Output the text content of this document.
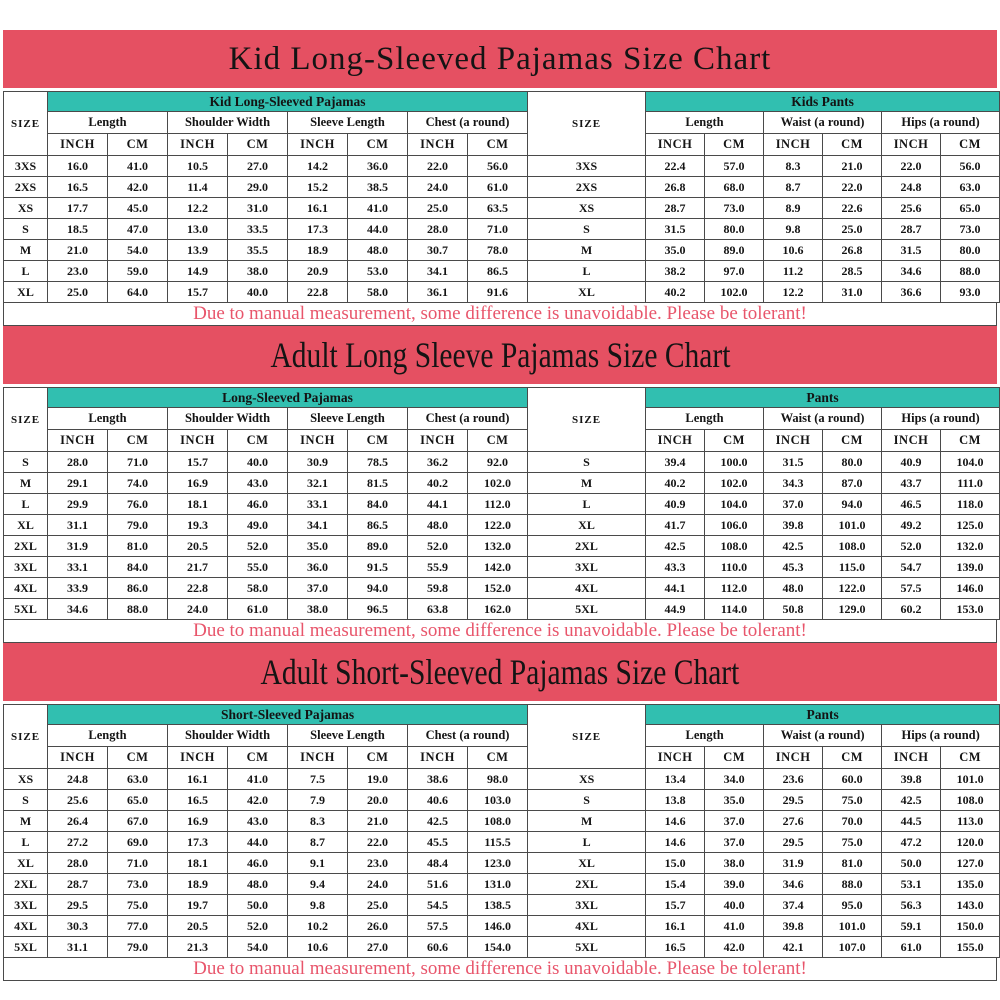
Kid Long-Sleeved Pajamas Size Chart
SIZE	Kid Long-Sleeved Pajamas								SIZE	Kids Pants					
	Length		Shoulder Width		Sleeve Length		Chest (a round)			Length		Waist (a round)		Hips (a round)	
	INCH	CM	INCH	CM	INCH	CM	INCH	CM		INCH	CM	INCH	CM	INCH	CM
3XS	16.0	41.0	10.5	27.0	14.2	36.0	22.0	56.0	3XS	22.4	57.0	8.3	21.0	22.0	56.0
2XS	16.5	42.0	11.4	29.0	15.2	38.5	24.0	61.0	2XS	26.8	68.0	8.7	22.0	24.8	63.0
XS	17.7	45.0	12.2	31.0	16.1	41.0	25.0	63.5	XS	28.7	73.0	8.9	22.6	25.6	65.0
S	18.5	47.0	13.0	33.5	17.3	44.0	28.0	71.0	S	31.5	80.0	9.8	25.0	28.7	73.0
M	21.0	54.0	13.9	35.5	18.9	48.0	30.7	78.0	M	35.0	89.0	10.6	26.8	31.5	80.0
L	23.0	59.0	14.9	38.0	20.9	53.0	34.1	86.5	L	38.2	97.0	11.2	28.5	34.6	88.0
XL	25.0	64.0	15.7	40.0	22.8	58.0	36.1	91.6	XL	40.2	102.0	12.2	31.0	36.6	93.0
Due to manual measurement, some difference is unavoidable. Please be tolerant!
Adult Long Sleeve Pajamas Size Chart
SIZE	Long-Sleeved Pajamas								SIZE	Pants					
	Length		Shoulder Width		Sleeve Length		Chest (a round)			Length		Waist (a round)		Hips (a round)	
	INCH	CM	INCH	CM	INCH	CM	INCH	CM		INCH	CM	INCH	CM	INCH	CM
S	28.0	71.0	15.7	40.0	30.9	78.5	36.2	92.0	S	39.4	100.0	31.5	80.0	40.9	104.0
M	29.1	74.0	16.9	43.0	32.1	81.5	40.2	102.0	M	40.2	102.0	34.3	87.0	43.7	111.0
L	29.9	76.0	18.1	46.0	33.1	84.0	44.1	112.0	L	40.9	104.0	37.0	94.0	46.5	118.0
XL	31.1	79.0	19.3	49.0	34.1	86.5	48.0	122.0	XL	41.7	106.0	39.8	101.0	49.2	125.0
2XL	31.9	81.0	20.5	52.0	35.0	89.0	52.0	132.0	2XL	42.5	108.0	42.5	108.0	52.0	132.0
3XL	33.1	84.0	21.7	55.0	36.0	91.5	55.9	142.0	3XL	43.3	110.0	45.3	115.0	54.7	139.0
4XL	33.9	86.0	22.8	58.0	37.0	94.0	59.8	152.0	4XL	44.1	112.0	48.0	122.0	57.5	146.0
5XL	34.6	88.0	24.0	61.0	38.0	96.5	63.8	162.0	5XL	44.9	114.0	50.8	129.0	60.2	153.0
Due to manual measurement, some difference is unavoidable. Please be tolerant!
Adult Short-Sleeved Pajamas Size Chart
SIZE	Short-Sleeved Pajamas								SIZE	Pants					
	Length		Shoulder Width		Sleeve Length		Chest (a round)			Length		Waist (a round)		Hips (a round)	
	INCH	CM	INCH	CM	INCH	CM	INCH	CM		INCH	CM	INCH	CM	INCH	CM
XS	24.8	63.0	16.1	41.0	7.5	19.0	38.6	98.0	XS	13.4	34.0	23.6	60.0	39.8	101.0
S	25.6	65.0	16.5	42.0	7.9	20.0	40.6	103.0	S	13.8	35.0	29.5	75.0	42.5	108.0
M	26.4	67.0	16.9	43.0	8.3	21.0	42.5	108.0	M	14.6	37.0	27.6	70.0	44.5	113.0
L	27.2	69.0	17.3	44.0	8.7	22.0	45.5	115.5	L	14.6	37.0	29.5	75.0	47.2	120.0
XL	28.0	71.0	18.1	46.0	9.1	23.0	48.4	123.0	XL	15.0	38.0	31.9	81.0	50.0	127.0
2XL	28.7	73.0	18.9	48.0	9.4	24.0	51.6	131.0	2XL	15.4	39.0	34.6	88.0	53.1	135.0
3XL	29.5	75.0	19.7	50.0	9.8	25.0	54.5	138.5	3XL	15.7	40.0	37.4	95.0	56.3	143.0
4XL	30.3	77.0	20.5	52.0	10.2	26.0	57.5	146.0	4XL	16.1	41.0	39.8	101.0	59.1	150.0
5XL	31.1	79.0	21.3	54.0	10.6	27.0	60.6	154.0	5XL	16.5	42.0	42.1	107.0	61.0	155.0
Due to manual measurement, some difference is unavoidable. Please be tolerant!
